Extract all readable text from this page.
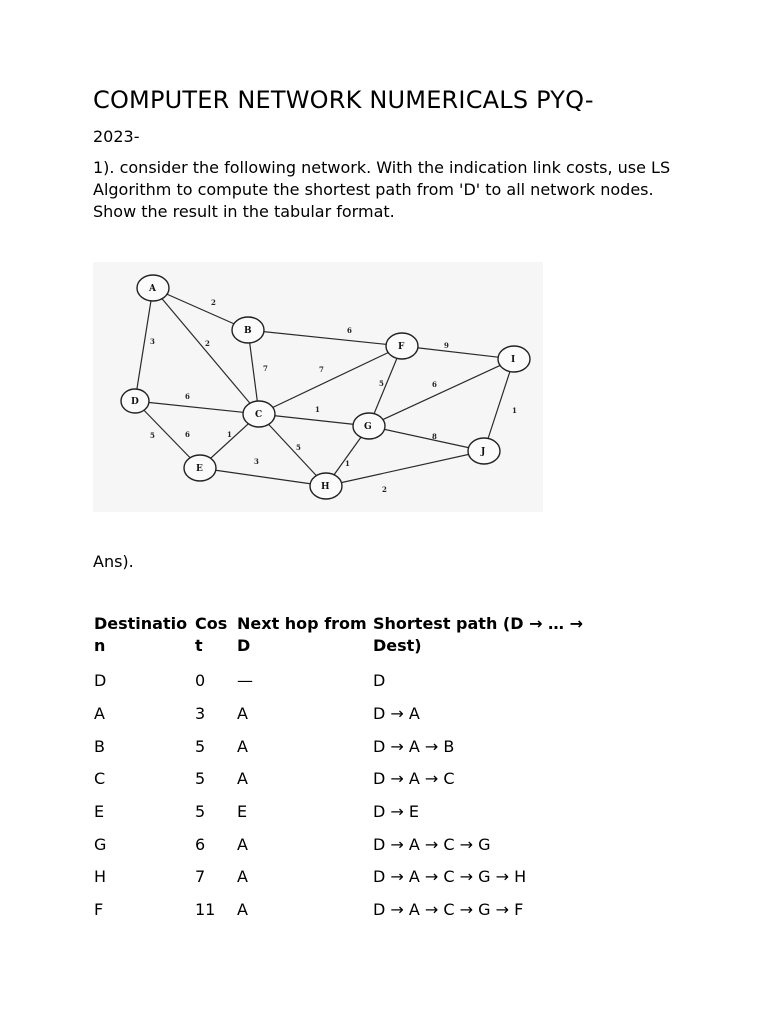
COMPUTER NETWORK NUMERICALS PYQ-
2023-

1). consider the following network. With the indication link costs, use LS Algorithm to compute the shortest path from 'D' to all network nodes. Show the result in the tabular format.

2
3	2
7
6
6
5	6	1
7
1
5
3
5
9
6
8
1
2
1
A
B
C
D
E
F
G
H
I
J
Ans).
Destination	Cost	Next hop from D	Shortest path (D → … → Dest)
D	0	—	D
A	3	A	D → A
B	5	A	D → A → B
C	5	A	D → A → C
E	5	E	D → E
G	6	A	D → A → C → G
H	7	A	D → A → C → G → H
F	11	A	D → A → C → G → F
